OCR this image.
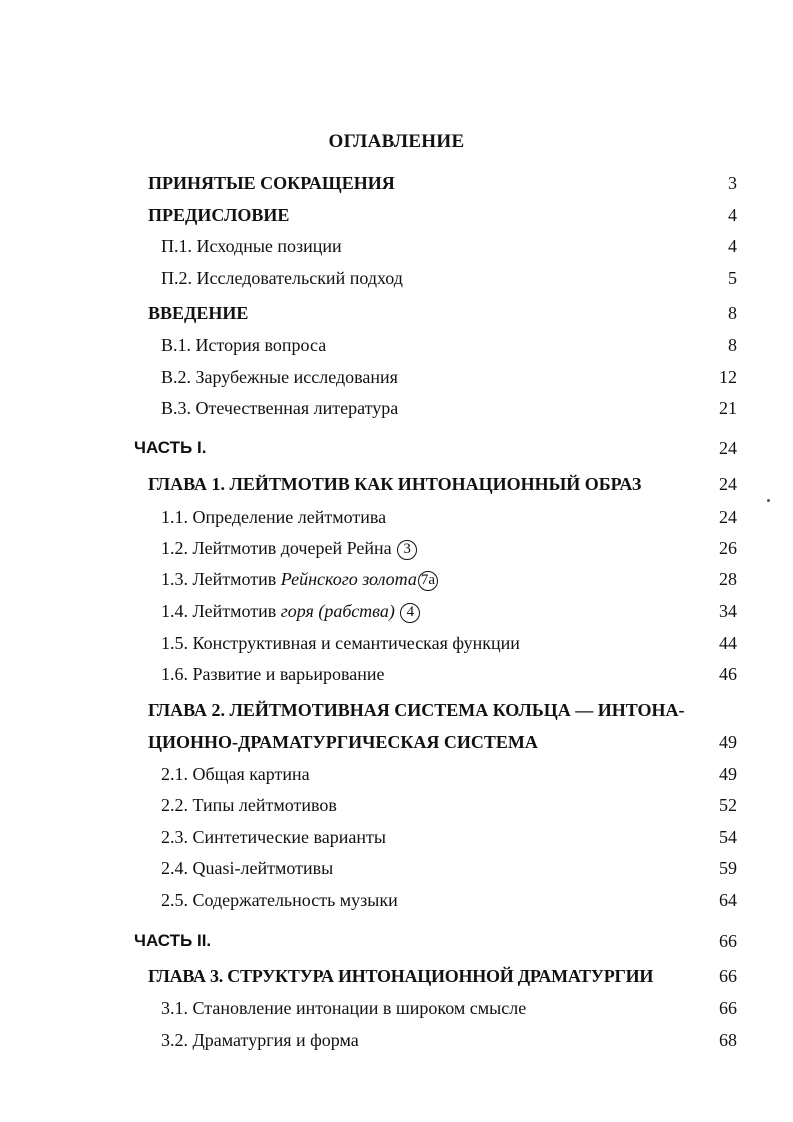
ОГЛАВЛЕНИЕ
ПРИНЯТЫЕ СОКРАЩЕНИЯ	3
ПРЕДИСЛОВИЕ	4
П.1. Исходные позиции	4
П.2. Исследовательский подход	5
ВВЕДЕНИЕ	8
В.1. История вопроса	8
В.2. Зарубежные исследования	12
В.3. Отечественная литература	21
ЧАСТЬ I.	24
ГЛАВА 1. ЛЕЙТМОТИВ КАК ИНТОНАЦИОННЫЙ ОБРАЗ	24
1.1. Определение лейтмотива	24
1.2. Лейтмотив дочерей Рейна 3	26
1.3. Лейтмотив Рейнского золота 7a	28
1.4. Лейтмотив горя (рабства) 4	34
1.5. Конструктивная и семантическая функции	44
1.6. Развитие и варьирование	46
ГЛАВА 2. ЛЕЙТМОТИВНАЯ СИСТЕМА КОЛЬЦА — ИНТОНА-
ЦИОННО-ДРАМАТУРГИЧЕСКАЯ СИСТЕМА	49
2.1. Общая картина	49
2.2. Типы лейтмотивов	52
2.3. Синтетические варианты	54
2.4. Quasi-лейтмотивы	59
2.5. Содержательность музыки	64
ЧАСТЬ II.	66
ГЛАВА 3. СТРУКТУРА ИНТОНАЦИОННОЙ ДРАМАТУРГИИ	66
3.1. Становление интонации в широком смысле	66
3.2. Драматургия и форма	68
